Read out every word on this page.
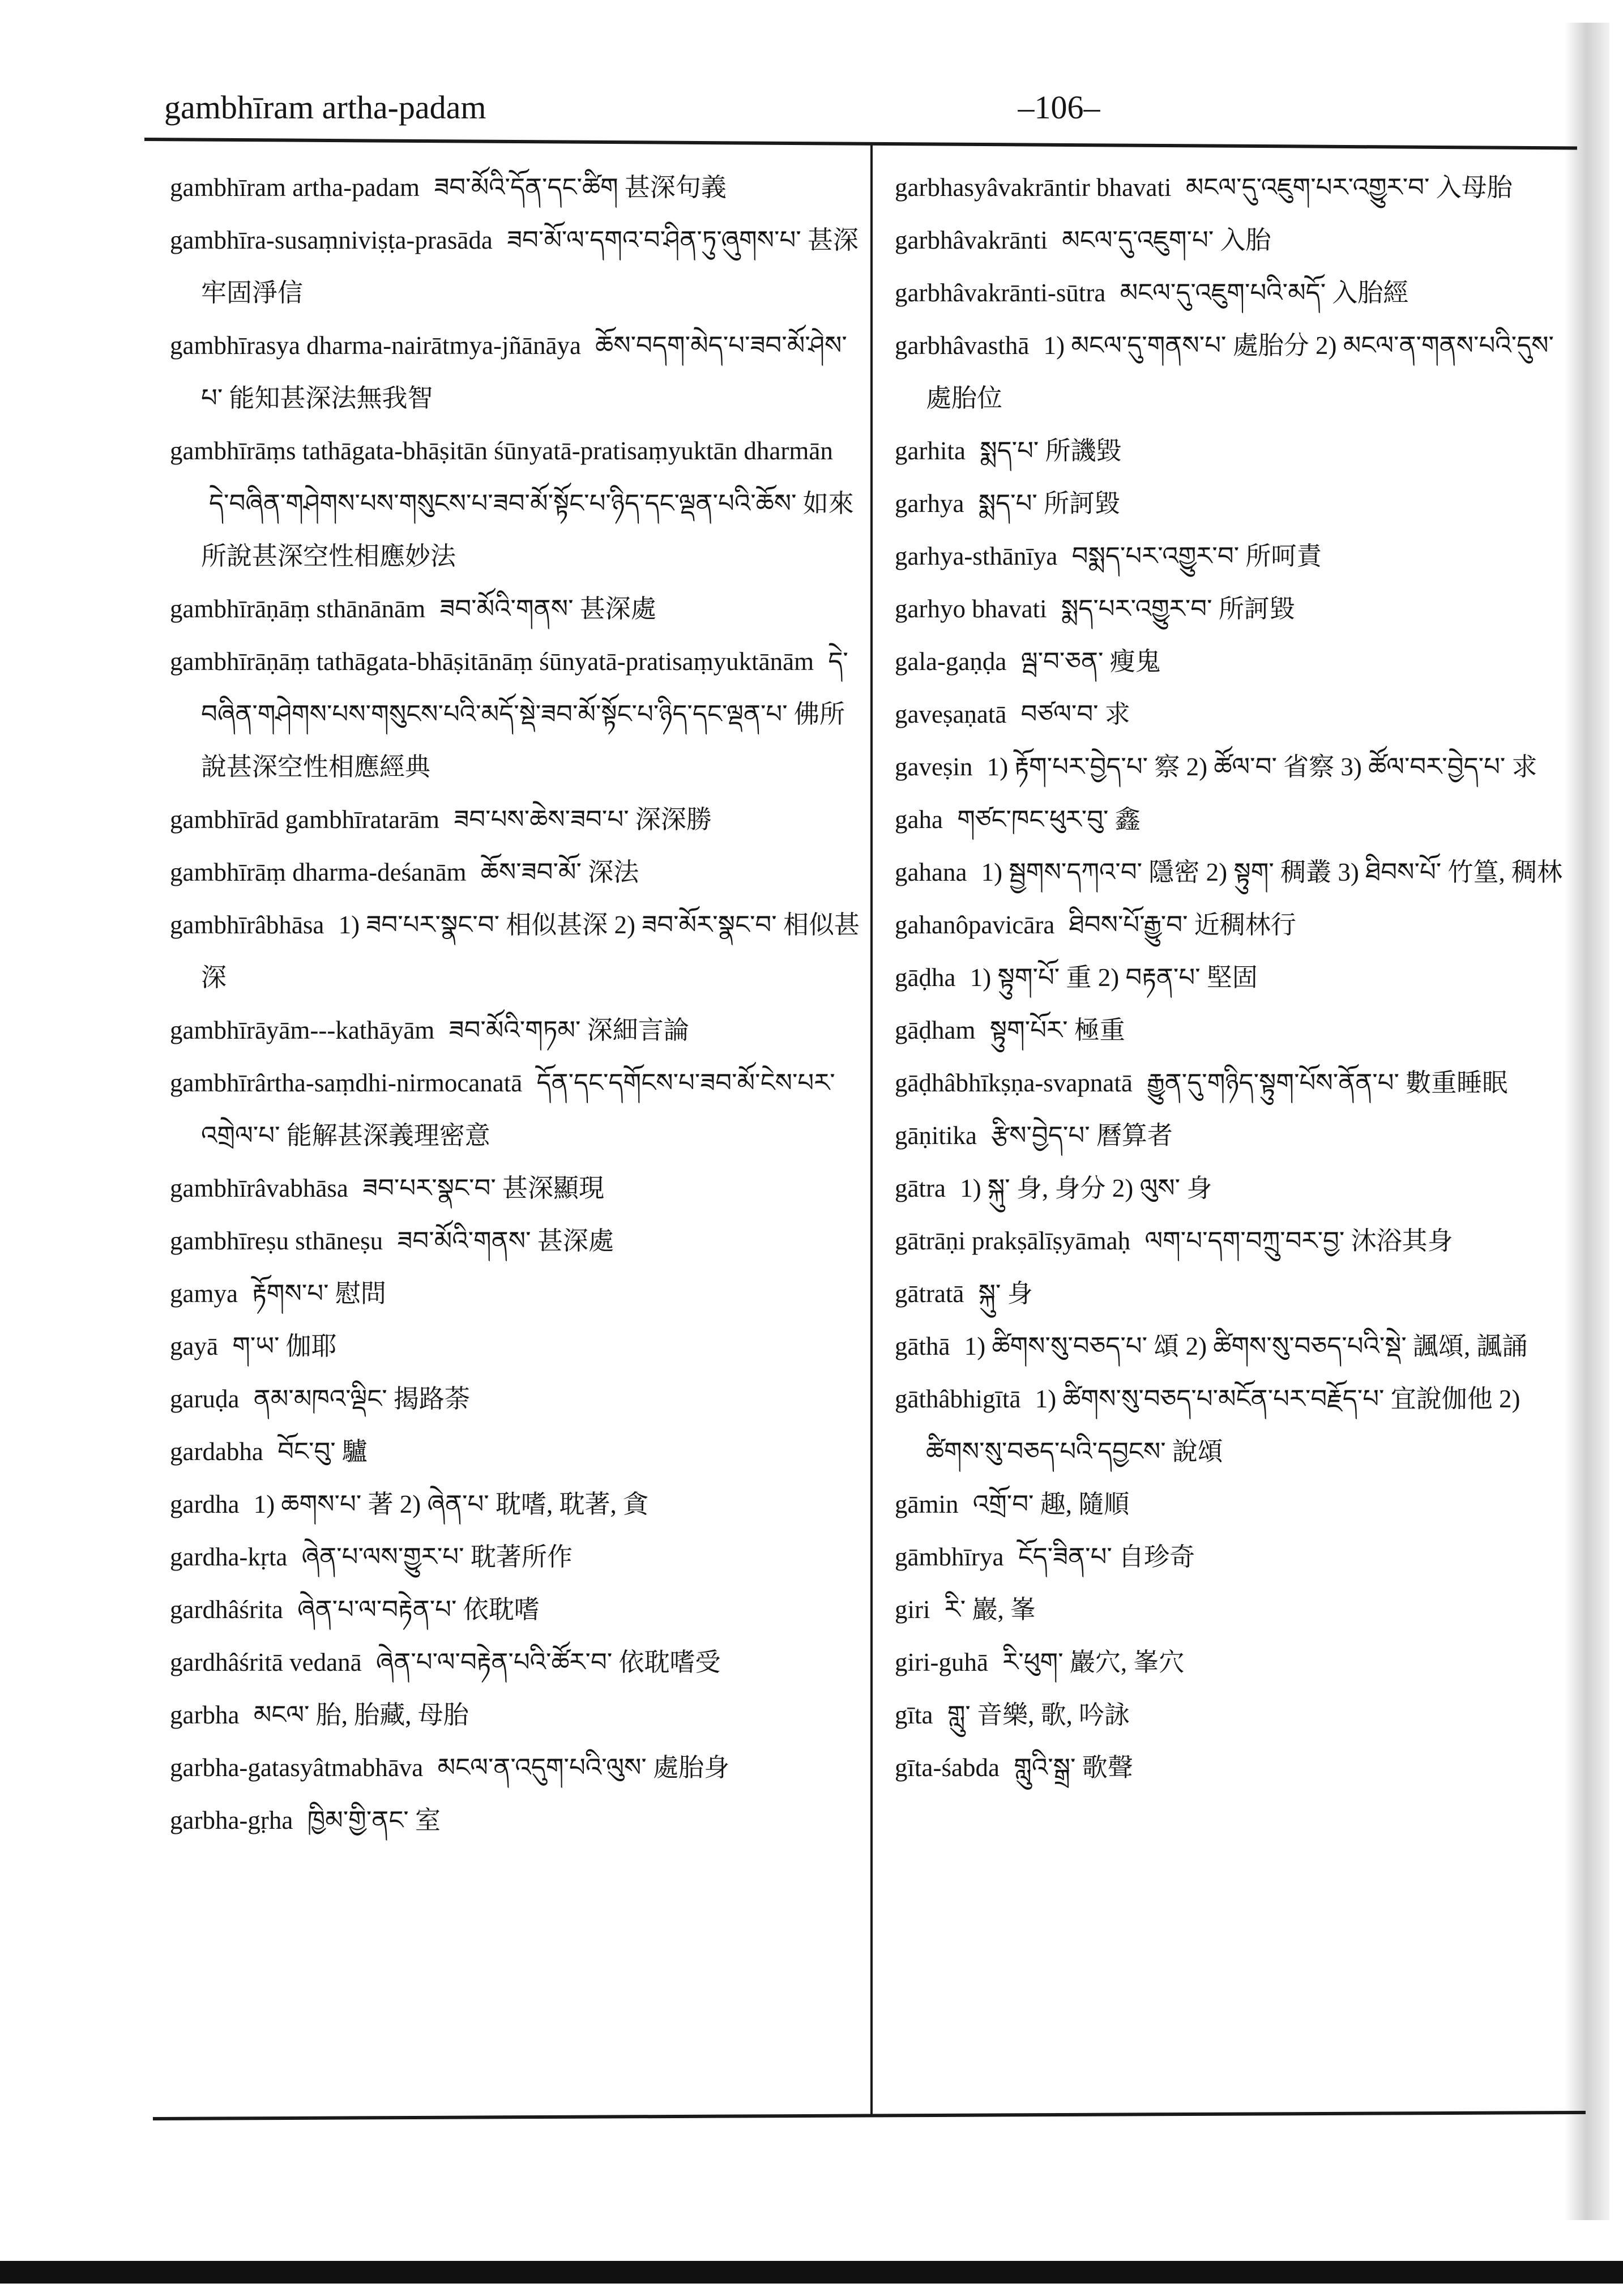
gambhīram artha-padam	–106–

gambhīram artha-padam ཟབ་མོའི་དོན་དང་ཚིག 甚深句義

gambhīra-susaṃniviṣṭa-prasāda ཟབ་མོ་ལ་དགའ་བ་ཤིན་ཏུ་ཞུགས་པ་ 甚深牢固淨信

gambhīrasya dharma-nairātmya-jñānāya ཆོས་བདག་མེད་པ་ཟབ་མོ་ཤེས་པ་ 能知甚深法無我智

gambhīrāṃs tathāgata-bhāṣitān śūnyatā-pratisaṃyuktān dharmān དེ་བཞིན་གཤེགས་པས་གསུངས་པ་ཟབ་མོ་སྟོང་པ་ཉིད་དང་ལྡན་པའི་ཆོས་ 如來所說甚深空性相應妙法

gambhīrāṇāṃ sthānānām ཟབ་མོའི་གནས་ 甚深處

gambhīrāṇāṃ tathāgata-bhāṣitānāṃ śūnyatā-pratisaṃyuktānām དེ་བཞིན་གཤེགས་པས་གསུངས་པའི་མདོ་སྡེ་ཟབ་མོ་སྟོང་པ་ཉིད་དང་ལྡན་པ་ 佛所說甚深空性相應經典

gambhīrād gambhīratarām ཟབ་པས་ཆེས་ཟབ་པ་ 深深勝

gambhīrāṃ dharma-deśanām ཆོས་ཟབ་མོ་ 深法

gambhīrâbhāsa 1) ཟབ་པར་སྣང་བ་ 相似甚深 2) ཟབ་མོར་སྣང་བ་ 相似甚深

gambhīrāyām---kathāyām ཟབ་མོའི་གཏམ་ 深細言論

gambhīrârtha-saṃdhi-nirmocanatā དོན་དང་དགོངས་པ་ཟབ་མོ་ངེས་པར་འགྲེལ་པ་ 能解甚深義理密意

gambhīrâvabhāsa ཟབ་པར་སྣང་བ་ 甚深顯現

gambhīreṣu sthāneṣu ཟབ་མོའི་གནས་ 甚深處

gamya རྟོགས་པ་ 慰問

gayā ག་ཡ་ 伽耶

garuḍa ནམ་མཁའ་ལྡིང་ 揭路荼

gardabha བོང་བུ་ 驢

gardha 1) ཆགས་པ་ 著 2) ཞེན་པ་ 耽嗜, 耽著, 貪

gardha-kṛta ཞེན་པ་ལས་གྱུར་པ་ 耽著所作

gardhâśrita ཞེན་པ་ལ་བརྟེན་པ་ 依耽嗜

gardhâśritā vedanā ཞེན་པ་ལ་བརྟེན་པའི་ཚོར་བ་ 依耽嗜受

garbha མངལ་ 胎, 胎藏, 母胎

garbha-gatasyâtmabhāva མངལ་ན་འདུག་པའི་ལུས་ 處胎身

garbha-gṛha ཁྱིམ་གྱི་ནང་ 室

garbhasyâvakrāntir bhavati མངལ་དུ་འཇུག་པར་འགྱུར་བ་ 入母胎

garbhâvakrānti མངལ་དུ་འཇུག་པ་ 入胎

garbhâvakrānti-sūtra མངལ་དུ་འཇུག་པའི་མདོ་ 入胎經

garbhâvasthā 1) མངལ་དུ་གནས་པ་ 處胎分 2) མངལ་ན་གནས་པའི་དུས་ 處胎位

garhita སྨད་པ་ 所譏毀

garhya སྨད་པ་ 所訶毀

garhya-sthānīya བསྨད་པར་འགྱུར་བ་ 所呵責

garhyo bhavati སྨད་པར་འགྱུར་བ་ 所訶毀

gala-gaṇḍa ལྦ་བ་ཅན་ 瘦鬼

gaveṣaṇatā བཙལ་བ་ 求

gaveṣin 1) རྟོག་པར་བྱེད་པ་ 察 2) ཚོལ་བ་ 省察 3) ཚོལ་བར་བྱེད་པ་ 求

gaha གཙང་ཁང་ཕུར་བུ་ 鑫

gahana 1) སྦྱགས་དཀའ་བ་ 隱密 2) སྟུག་ 稠叢 3) ཐིབས་པོ་ 竹篁, 稠林

gahanôpavicāra ཐིབས་པོ་རྒྱུ་བ་ 近稠林行

gāḍha 1) སྟུག་པོ་ 重 2) བརྟན་པ་ 堅固

gāḍham སྟུག་པོར་ 極重

gāḍhâbhīkṣṇa-svapnatā རྒྱུན་དུ་གཉིད་སྟུག་པོས་ནོན་པ་ 數重睡眠

gāṇitika རྩིས་བྱེད་པ་ 曆算者

gātra 1) སྐུ་ 身, 身分 2) ལུས་ 身

gātrāṇi prakṣālīṣyāmaḥ ལག་པ་དག་བཀྲུ་བར་བྱ་ 沐浴其身

gātratā སྐུ་ 身

gāthā 1) ཚིགས་སུ་བཅད་པ་ 頌 2) ཚིགས་སུ་བཅད་པའི་སྡེ་ 諷頌, 諷誦

gāthâbhigītā 1) ཚིགས་སུ་བཅད་པ་མངོན་པར་བརྗོད་པ་ 宜說伽他 2) ཚིགས་སུ་བཅད་པའི་དབྱངས་ 說頌

gāmin འགྲོ་བ་ 趣, 隨順

gāmbhīrya ངོད་ཟིན་པ་ 自珍奇

giri རི་ 巖, 峯

giri-guhā རི་ཕུག་ 巖穴, 峯穴

gīta གླུ་ 音樂, 歌, 吟詠

gīta-śabda གླུའི་སྒྲ་ 歌聲
